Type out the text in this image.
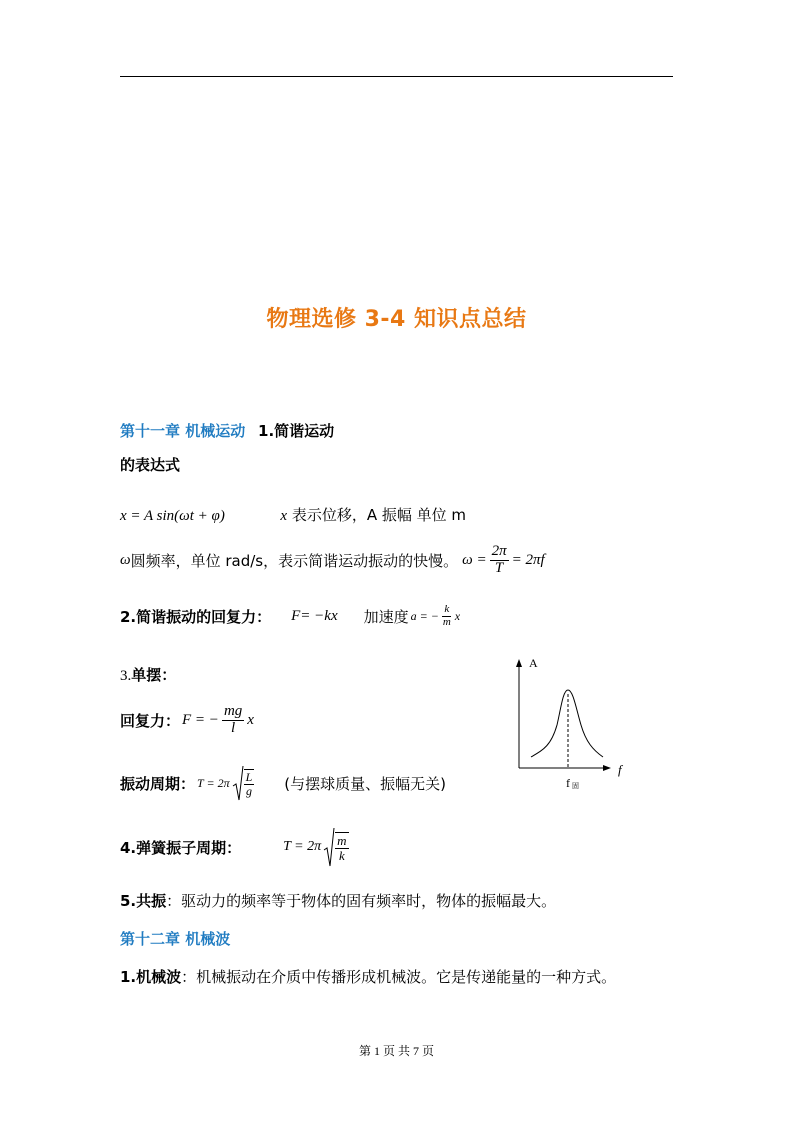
物理选修 3-4 知识点总结
第十一章 机械运动 1.简谐运动
的表达式
x = A sin(ωt + φ)	x 表示位移，A 振幅 单位 m
ω 圆频率，单位 rad/s，表示简谐运动振动的快慢。 $\omega = \frac{2\pi}{T} = 2\pi f$
2.简谐振动的回复力： F= −kx 加速度 a = − $\frac{k}{m}$ x
3.单摆：
回复力： F = − $\frac{mg}{l}$ x
振动周期： $T = 2\pi \frac{L}{g}$ (与摆球质量、振幅无关)
4.弹簧振子周期：	$T = 2\pi \frac{m}{k}$
5.共振：驱动力的频率等于物体的固有频率时，物体的振幅最大。
第十二章 机械波
1.机械波：机械振动在介质中传播形成机械波。它是传递能量的一种方式。
A
f
f 固
第 1 页 共 7 页
